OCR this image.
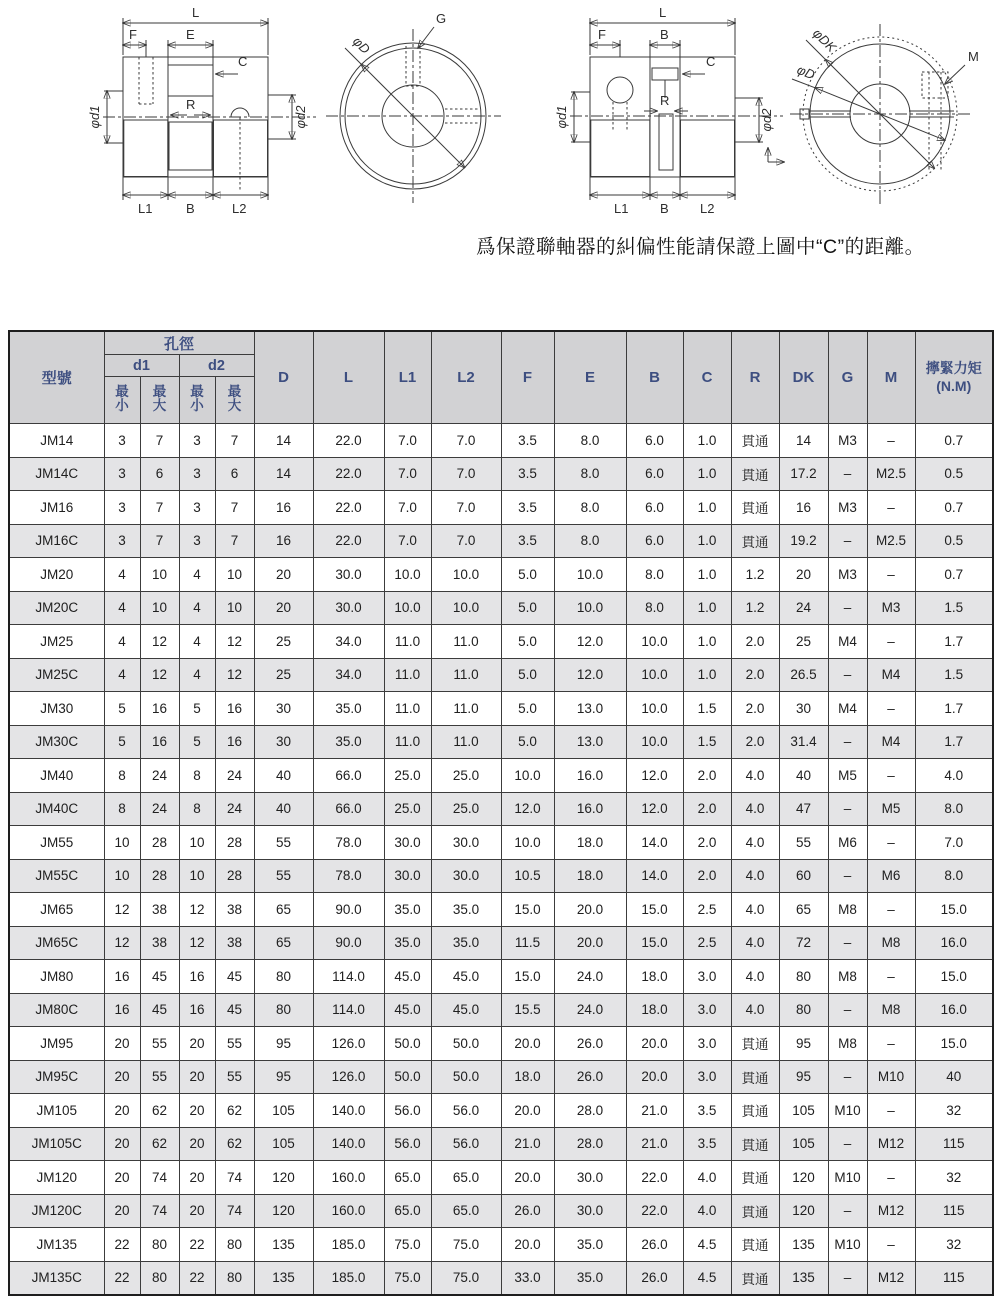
L
F	E
C
R
φd1	φd2
L1	B	L2
φD
G	L
F	B
C
R
φd1	φd2
L1 B L2
φDK
φD
M
爲保證聯軸器的糾偏性能請保證上圖中“C”的距離。
型號	孔徑				D	L	L1	L2	F	E	B	C	R	DK	G	M	擰緊力矩
(N.M)

	d1		d2														
	最小	最大	最小	最大													
JM14	3	7	3	7	14	22.0	7.0	7.0	3.5	8.0	6.0	1.0	貫通	14	M3	–	0.7
JM14C	3	6	3	6	14	22.0	7.0	7.0	3.5	8.0	6.0	1.0	貫通	17.2	–	M2.5	0.5
JM16	3	7	3	7	16	22.0	7.0	7.0	3.5	8.0	6.0	1.0	貫通	16	M3	–	0.7
JM16C	3	7	3	7	16	22.0	7.0	7.0	3.5	8.0	6.0	1.0	貫通	19.2	–	M2.5	0.5
JM20	4	10	4	10	20	30.0	10.0	10.0	5.0	10.0	8.0	1.0	1.2	20	M3	–	0.7
JM20C	4	10	4	10	20	30.0	10.0	10.0	5.0	10.0	8.0	1.0	1.2	24	–	M3	1.5
JM25	4	12	4	12	25	34.0	11.0	11.0	5.0	12.0	10.0	1.0	2.0	25	M4	–	1.7
JM25C	4	12	4	12	25	34.0	11.0	11.0	5.0	12.0	10.0	1.0	2.0	26.5	–	M4	1.5
JM30	5	16	5	16	30	35.0	11.0	11.0	5.0	13.0	10.0	1.5	2.0	30	M4	–	1.7
JM30C	5	16	5	16	30	35.0	11.0	11.0	5.0	13.0	10.0	1.5	2.0	31.4	–	M4	1.7
JM40	8	24	8	24	40	66.0	25.0	25.0	10.0	16.0	12.0	2.0	4.0	40	M5	–	4.0
JM40C	8	24	8	24	40	66.0	25.0	25.0	12.0	16.0	12.0	2.0	4.0	47	–	M5	8.0
JM55	10	28	10	28	55	78.0	30.0	30.0	10.0	18.0	14.0	2.0	4.0	55	M6	–	7.0
JM55C	10	28	10	28	55	78.0	30.0	30.0	10.5	18.0	14.0	2.0	4.0	60	–	M6	8.0
JM65	12	38	12	38	65	90.0	35.0	35.0	15.0	20.0	15.0	2.5	4.0	65	M8	–	15.0
JM65C	12	38	12	38	65	90.0	35.0	35.0	11.5	20.0	15.0	2.5	4.0	72	–	M8	16.0
JM80	16	45	16	45	80	114.0	45.0	45.0	15.0	24.0	18.0	3.0	4.0	80	M8	–	15.0
JM80C	16	45	16	45	80	114.0	45.0	45.0	15.5	24.0	18.0	3.0	4.0	80	–	M8	16.0
JM95	20	55	20	55	95	126.0	50.0	50.0	20.0	26.0	20.0	3.0	貫通	95	M8	–	15.0
JM95C	20	55	20	55	95	126.0	50.0	50.0	18.0	26.0	20.0	3.0	貫通	95	–	M10	40
JM105	20	62	20	62	105	140.0	56.0	56.0	20.0	28.0	21.0	3.5	貫通	105	M10	–	32
JM105C	20	62	20	62	105	140.0	56.0	56.0	21.0	28.0	21.0	3.5	貫通	105	–	M12	115
JM120	20	74	20	74	120	160.0	65.0	65.0	20.0	30.0	22.0	4.0	貫通	120	M10	–	32
JM120C	20	74	20	74	120	160.0	65.0	65.0	26.0	30.0	22.0	4.0	貫通	120	–	M12	115
JM135	22	80	22	80	135	185.0	75.0	75.0	20.0	35.0	26.0	4.5	貫通	135	M10	–	32
JM135C	22	80	22	80	135	185.0	75.0	75.0	33.0	35.0	26.0	4.5	貫通	135	–	M12	115
